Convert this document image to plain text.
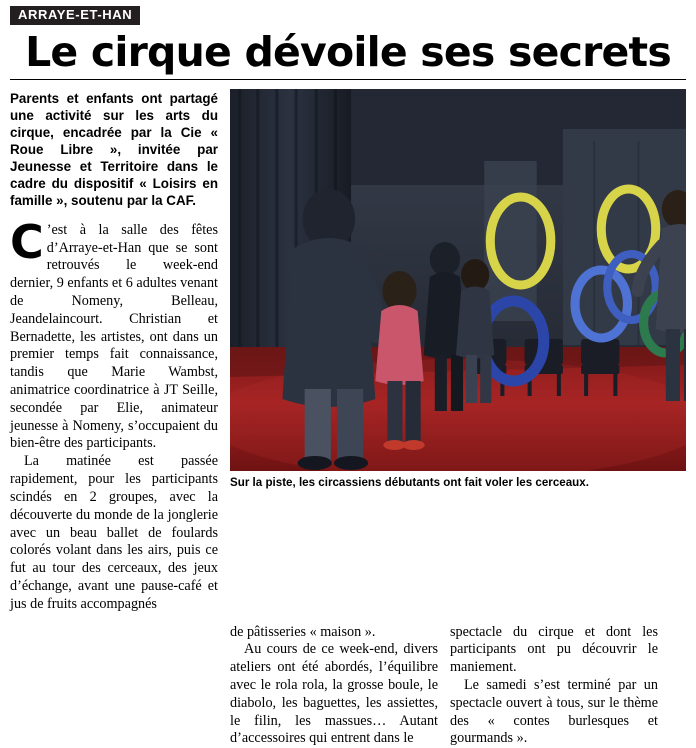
ARRAYE-ET-HAN
Le cirque dévoile ses secrets
Parents et enfants ont partagé une activité sur les arts du cirque, encadrée par la Cie « Roue Libre », invitée par Jeunesse et Territoire dans le cadre du dispositif « Loisirs en famille », soutenu par la CAF.

C ’est à la salle des fêtes d’Arraye-et-Han que se sont retrouvés le week-end dernier, 9 enfants et 6 adultes venant de Nomeny, Belleau, Jeandelaincourt. Christian et Bernadette, les artistes, ont dans un premier temps fait connaissance, tandis que Marie Wambst, animatrice coordinatrice à JT Seille, secondée par Elie, animateur jeunesse à Nomeny, s’occupaient du bien-être des participants.

La matinée est passée rapidement, pour les participants scindés en 2 groupes, avec la découverte du monde de la jonglerie avec un beau ballet de foulards colorés volant dans les airs, puis ce fut au tour des cerceaux, des jeux d’échange, avant une pause-café et jus de fruits accompagnés

Sur la piste, les circassiens débutants ont fait voler les cerceaux.

de pâtisseries « maison ».

Au cours de ce week-end, divers ateliers ont été abordés, l’équilibre avec le rola rola, la grosse boule, le diabolo, les baguettes, les assiettes, le filin, les massues… Autant d’accessoires qui entrent dans le

spectacle du cirque et dont les participants ont pu découvrir le maniement.

Le samedi s’est terminé par un spectacle ouvert à tous, sur le thème des « contes burlesques et gourmands ».
